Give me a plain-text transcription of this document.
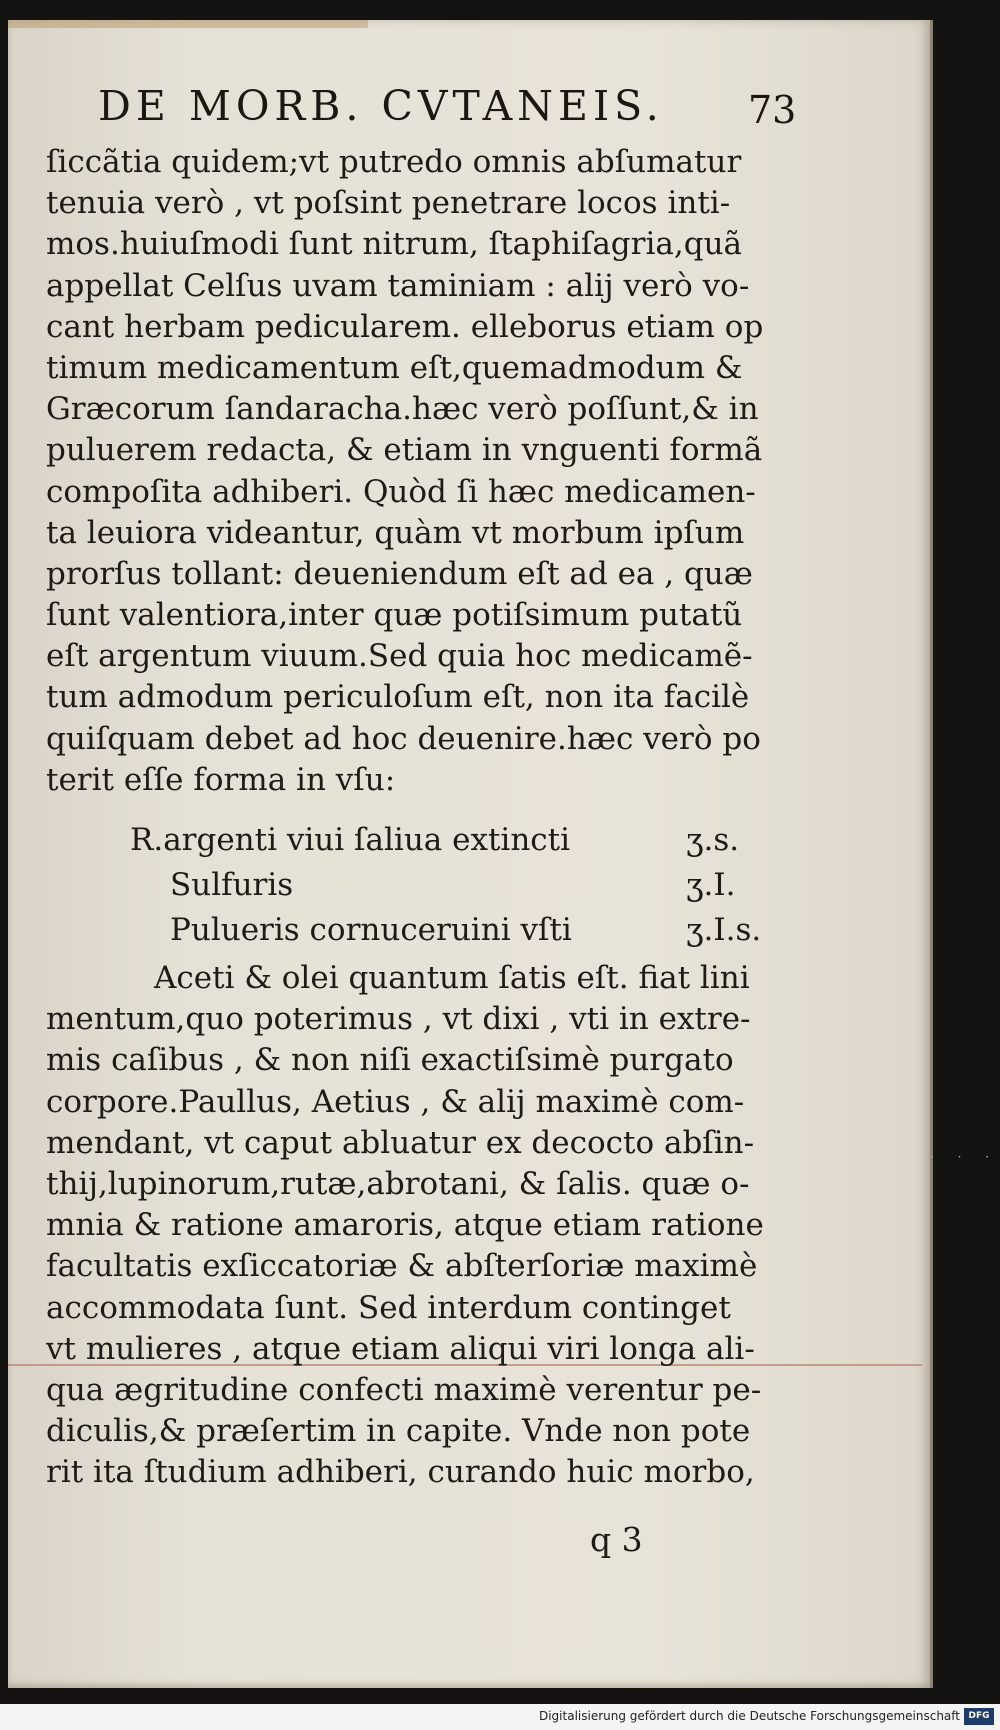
DE MORB. CVTANEIS. 73
ſiccãtia quidem;vt putredo omnis abſumatur
tenuia verò , vt poſsint penetrare locos inti-
mos.huiuſmodi ſunt nitrum, ſtaphiſagria,quã
appellat Celſus uvam taminiam : alij verò vo-
cant herbam pedicularem. elleborus etiam op
timum medicamentum eſt,quemadmodum &
Græcorum ſandaracha.hæc verò poſſunt,& in
puluerem redacta, & etiam in vnguenti formã
compoſita adhiberi. Quòd ſi hæc medicamen-
ta leuiora videantur, quàm vt morbum ipſum
prorſus tollant: deueniendum eſt ad ea , quæ
ſunt valentiora,inter quæ potiſsimum putatũ
eſt argentum viuum.Sed quia hoc medicamẽ-
tum admodum periculoſum eſt, non ita facilè
quiſquam debet ad hoc deuenire.hæc verò po
terit eſſe forma in vſu:
R.argenti viui ſaliua extincti	ʒ.s.
Sulfuris	ʒ.I.
Pulueris cornuceruini vſti	ʒ.I.s.
Aceti & olei quantum ſatis eſt. fiat lini
mentum,quo poterimus , vt dixi , vti in extre-
mis caſibus , & non niſi exactiſsimè purgato
corpore.Paullus, Aetius , & alij maximè com-
mendant, vt caput abluatur ex decocto abſin-
thij,lupinorum,rutæ,abrotani, & ſalis. quæ o-
mnia & ratione amaroris, atque etiam ratione
facultatis exſiccatoriæ & abſterſoriæ maximè
accommodata ſunt. Sed interdum continget
vt mulieres , atque etiam aliqui viri longa ali-
qua ægritudine confecti maximè verentur pe-
diculis,& præſertim in capite. Vnde non pote
rit ita ſtudium adhiberi, curando huic morbo,
q 3
· · ·
Digitalisierung gefördert durch die Deutsche Forschungsgemeinschaft DFG
